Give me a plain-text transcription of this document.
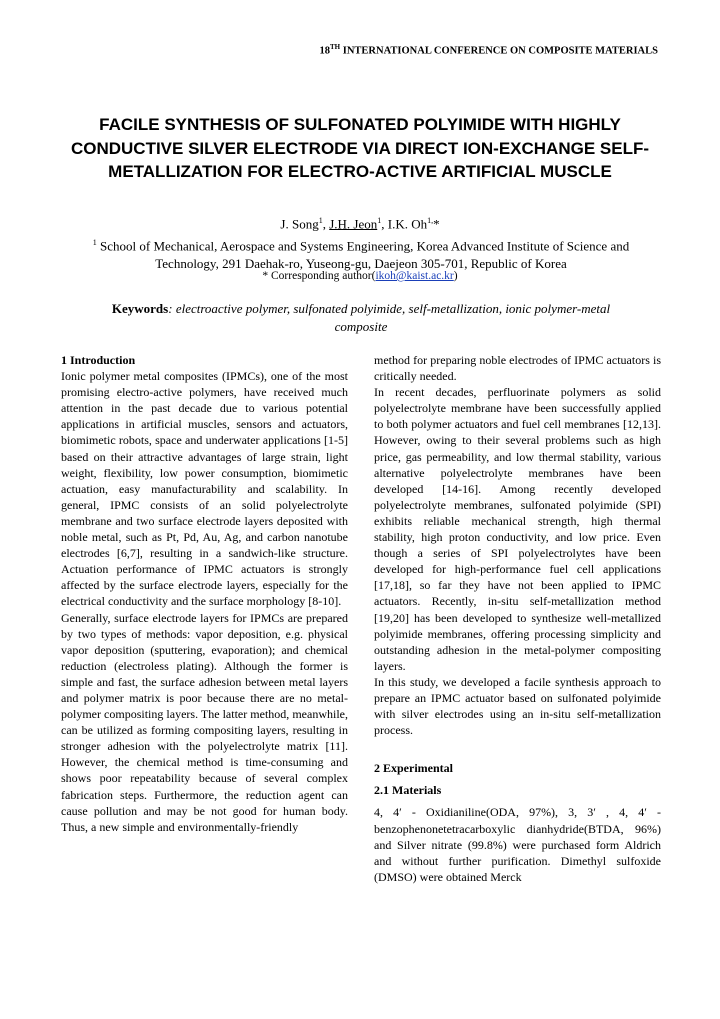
18TH INTERNATIONAL CONFERENCE ON COMPOSITE MATERIALS
FACILE SYNTHESIS OF SULFONATED POLYIMIDE WITH HIGHLY CONDUCTIVE SILVER ELECTRODE VIA DIRECT ION-EXCHANGE SELF-METALLIZATION FOR ELECTRO-ACTIVE ARTIFICIAL MUSCLE
J. Song$^1$, J.H. Jeon$^1$, I.K. $Oh^{1,}*$
$^1$ School of Mechanical, Aerospace and Systems Engineering, Korea Advanced Institute of Science and Technology, 291 Daehak-ro, Yuseong-gu, Daejeon 305-701, Republic of Korea
* Corresponding author(ikoh@kaist.ac.kr)
Keywords: electroactive polymer, sulfonated polyimide, self-metallization, ionic polymer-metal composite

1 Introduction

Ionic polymer metal composites (IPMCs), one of the most promising electro-active polymers, have received much attention in the past decade due to various potential applications in artificial muscles, sensors and actuators, biomimetic robots, space and underwater applications [1-5] based on their attractive advantages of large strain, light weight, flexibility, low power consumption, biomimetic actuation, easy manufacturability and scalability. In general, IPMC consists of an solid polyelectrolyte membrane and two surface electrode layers deposited with noble metal, such as Pt, Pd, Au, Ag, and carbon nanotube electrodes [6,7], resulting in a sandwich-like structure. Actuation performance of IPMC actuators is strongly affected by the surface electrode layers, especially for the electrical conductivity and the surface morphology [8-10].

Generally, surface electrode layers for IPMCs are prepared by two types of methods: vapor deposition, e.g. physical vapor deposition (sputtering, evaporation); and chemical reduction (electroless plating). Although the former is simple and fast, the surface adhesion between metal layers and polymer matrix is poor because there are no metal-polymer compositing layers. The latter method, meanwhile, can be utilized as forming compositing layers, resulting in stronger adhesion with the polyelectrolyte matrix [11]. However, the chemical method is time-consuming and shows poor repeatability because of several complex fabrication steps. Furthermore, the reduction agent can cause pollution and may be not good for human body. Thus, a new simple and environmentally-friendly

method for preparing noble electrodes of IPMC actuators is critically needed.

In recent decades, perfluorinate polymers as solid polyelectrolyte membrane have been successfully applied to both polymer actuators and fuel cell membranes [12,13]. However, owing to their several problems such as high price, gas permeability, and low thermal stability, various alternative polyelectrolyte membranes have been developed [14-16]. Among recently developed polyelectrolyte membranes, sulfonated polyimide (SPI) exhibits reliable mechanical strength, high thermal stability, high proton conductivity, and low price. Even though a series of SPI polyelectrolytes have been developed for high-performance fuel cell applications [17,18], so far they have not been applied to IPMC actuators. Recently, in-situ self-metallization method [19,20] has been developed to synthesize well-metallized polyimide membranes, offering processing simplicity and outstanding adhesion in the metal-polymer compositing layers.

In this study, we developed a facile synthesis approach to prepare an IPMC actuator based on sulfonated polyimide with silver electrodes using an in-situ self-metallization process.

2 Experimental

2.1 Materials

4, 4′ - Oxidianiline(ODA, 97%), 3, 3′ , 4, 4′ - benzophenonetetracarboxylic dianhydride(BTDA, 96%) and Silver nitrate (99.8%) were purchased form Aldrich and without further purification. Dimethyl sulfoxide (DMSO) were obtained Merck
